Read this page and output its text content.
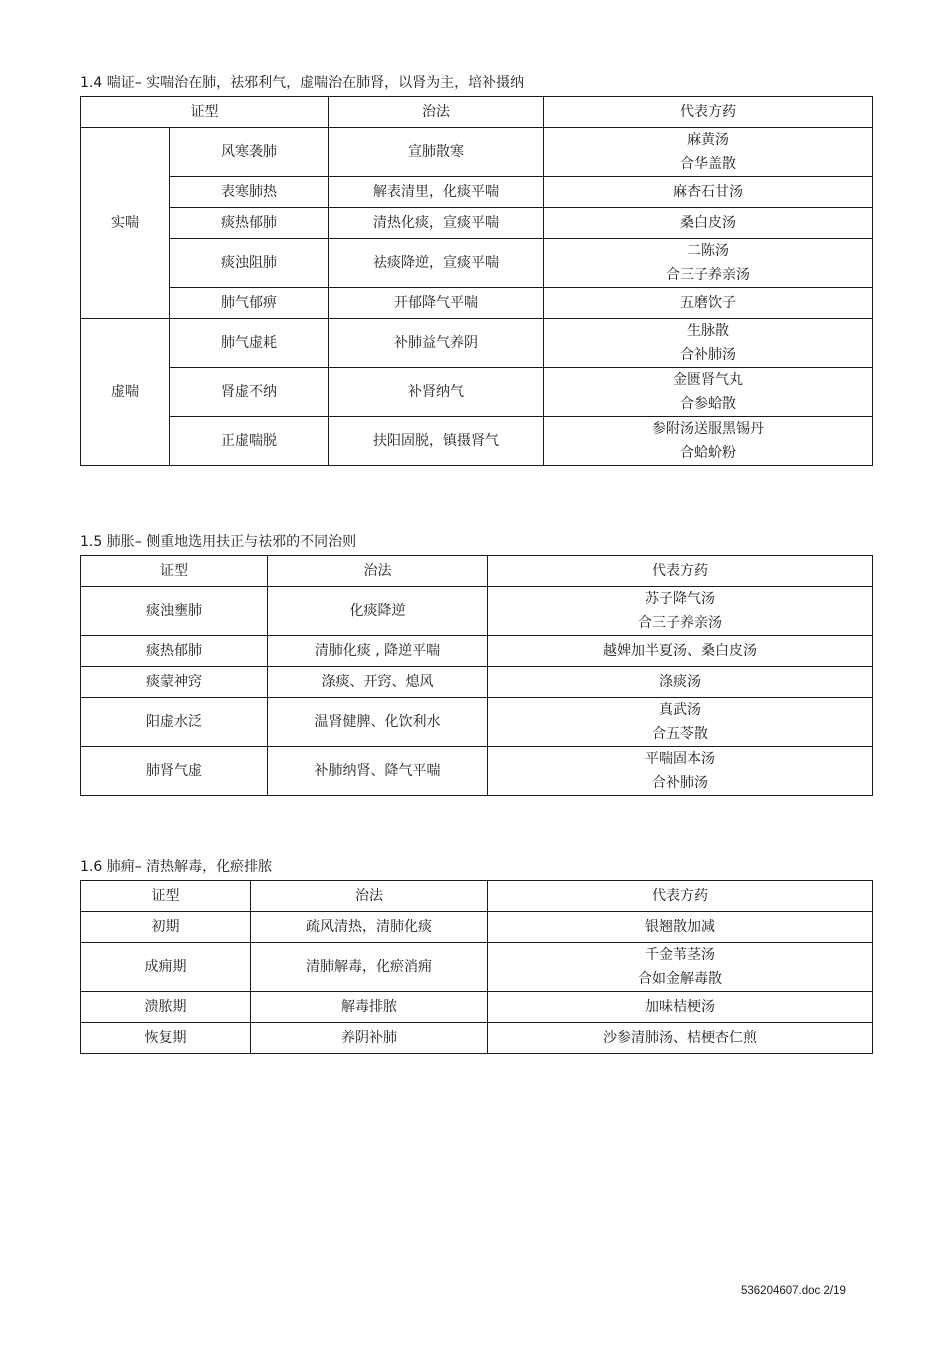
1.4 喘证– 实喘治在肺，祛邪利气，虚喘治在肺肾，以肾为主，培补摄纳
证型		治法	代表方药
实喘	风寒袭肺	宣肺散寒	麻黄汤
合华盖散

	表寒肺热	解表清里，化痰平喘	麻杏石甘汤
	痰热郁肺	清热化痰，宣痰平喘	桑白皮汤
	痰浊阻肺	祛痰降逆，宣痰平喘	二陈汤
合三子养亲汤

	肺气郁痹	开郁降气平喘	五磨饮子
虚喘	肺气虚耗	补肺益气养阴	生脉散
合补肺汤

	肾虚不纳	补肾纳气	金匮肾气丸
合参蛤散

	正虚喘脱	扶阳固脱，镇摄肾气	参附汤送服黑锡丹
合蛤蚧粉
1.5 肺胀– 侧重地选用扶正与祛邪的不同治则
证型	治法	代表方药
痰浊壅肺	化痰降逆	苏子降气汤
合三子养亲汤

痰热郁肺	清肺化痰 , 降逆平喘	越婢加半夏汤、桑白皮汤
痰蒙神窍	涤痰、开窍、熄风	涤痰汤
阳虚水泛	温肾健脾、化饮利水	真武汤
合五苓散

肺肾气虚	补肺纳肾、降气平喘	平喘固本汤
合补肺汤
1.6 肺痈– 清热解毒，化瘀排脓
证型	治法	代表方药
初期	疏风清热，清肺化痰	银翘散加减
成痈期	清肺解毒，化瘀消痈	千金苇茎汤
合如金解毒散

溃脓期	解毒排脓	加味桔梗汤
恢复期	养阴补肺	沙参清肺汤、桔梗杏仁煎
536204607.doc 2/19
